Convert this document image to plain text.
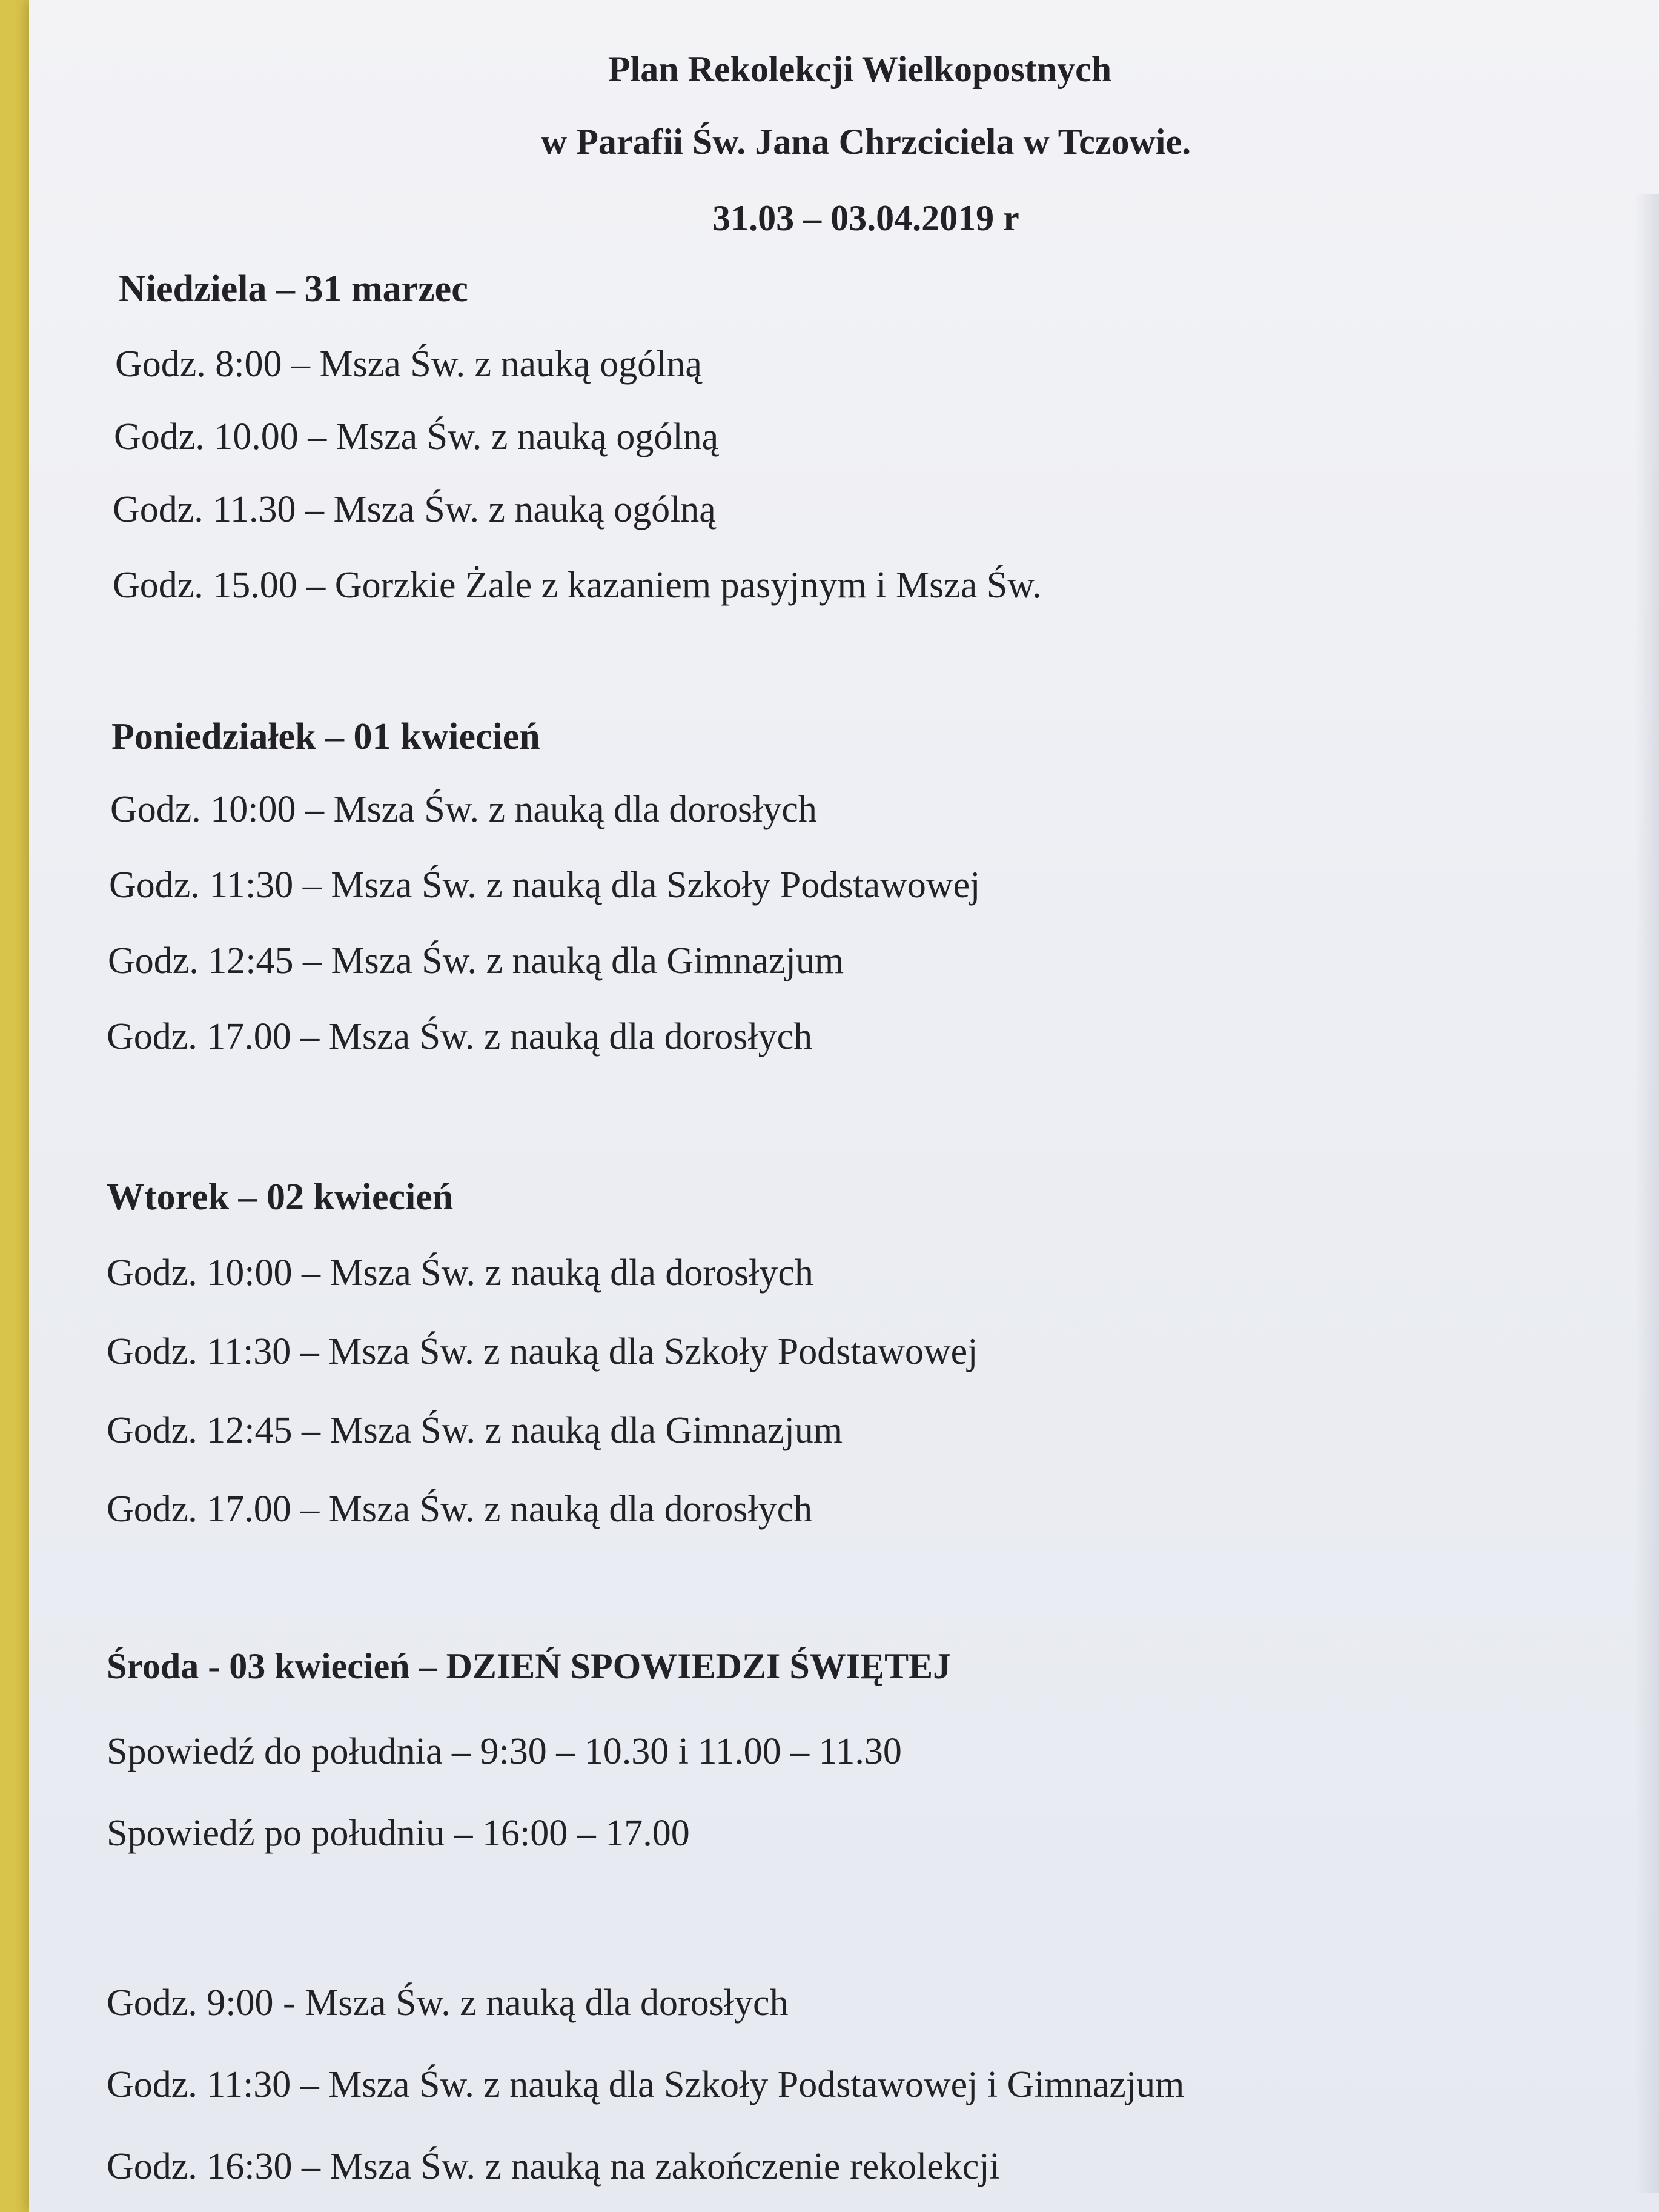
Plan Rekolekcji Wielkopostnych
w Parafii Św. Jana Chrzciciela w Tczowie.
31.03 – 03.04.2019 r
Niedziela – 31 marzec
Godz. 8:00 – Msza Św. z nauką ogólną
Godz. 10.00 – Msza Św. z nauką ogólną
Godz. 11.30 – Msza Św. z nauką ogólną
Godz. 15.00 – Gorzkie Żale z kazaniem pasyjnym i Msza Św.
Poniedziałek – 01 kwiecień
Godz. 10:00 – Msza Św. z nauką dla dorosłych
Godz. 11:30 – Msza Św. z nauką dla Szkoły Podstawowej
Godz. 12:45 – Msza Św. z nauką dla Gimnazjum
Godz. 17.00 – Msza Św. z nauką dla dorosłych
Wtorek – 02 kwiecień
Godz. 10:00 – Msza Św. z nauką dla dorosłych
Godz. 11:30 – Msza Św. z nauką dla Szkoły Podstawowej
Godz. 12:45 – Msza Św. z nauką dla Gimnazjum
Godz. 17.00 – Msza Św. z nauką dla dorosłych
Środa - 03 kwiecień – DZIEŃ SPOWIEDZI ŚWIĘTEJ
Spowiedź do południa – 9:30 – 10.30 i 11.00 – 11.30
Spowiedź po południu – 16:00 – 17.00
Godz. 9:00 - Msza Św. z nauką dla dorosłych
Godz. 11:30 – Msza Św. z nauką dla Szkoły Podstawowej i Gimnazjum
Godz. 16:30 – Msza Św. z nauką na zakończenie rekolekcji
